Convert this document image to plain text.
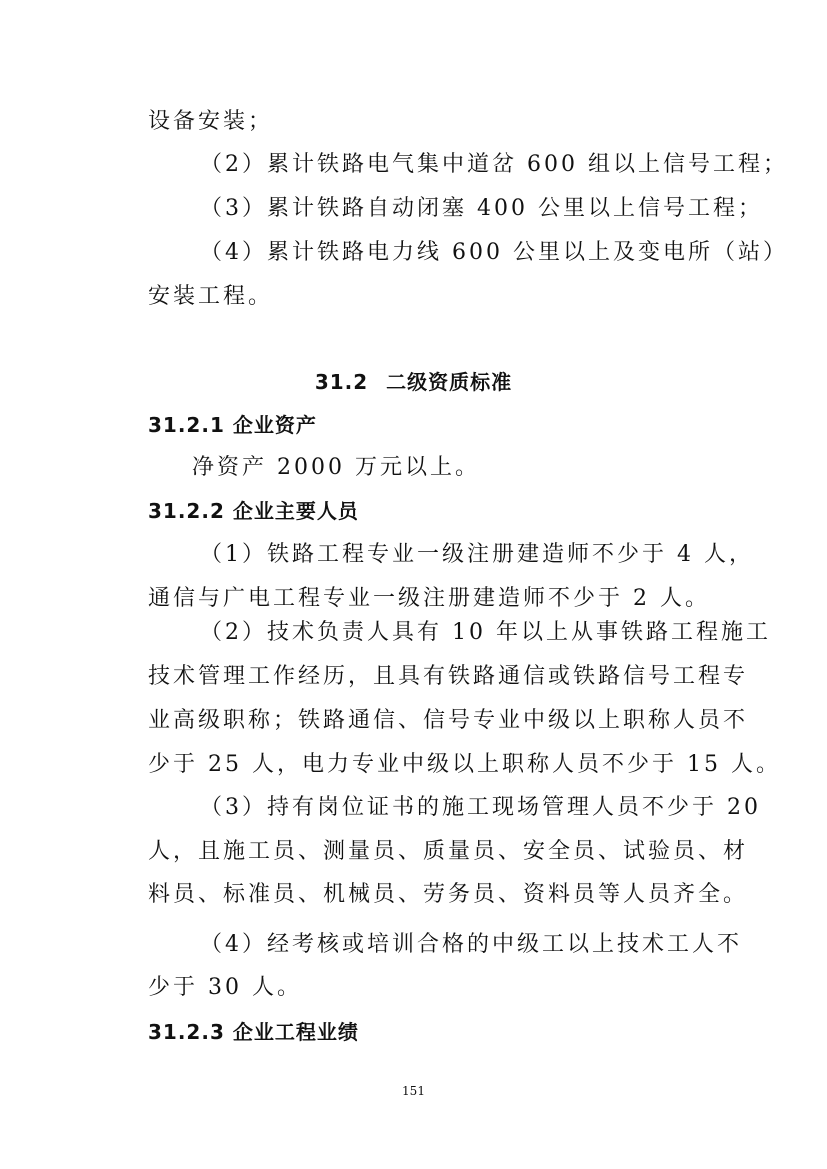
设备安装；
（2）累计铁路电气集中道岔 600 组以上信号工程；
（3）累计铁路自动闭塞 400 公里以上信号工程；
（4）累计铁路电力线 600 公里以上及变电所（站）
安装工程。
31.2 二级资质标准
31.2.1 企业资产
净资产 2000 万元以上。
31.2.2 企业主要人员
（1）铁路工程专业一级注册建造师不少于 4 人，
通信与广电工程专业一级注册建造师不少于 2 人。
（2）技术负责人具有 10 年以上从事铁路工程施工
技术管理工作经历，且具有铁路通信或铁路信号工程专
业高级职称；铁路通信、信号专业中级以上职称人员不
少于 25 人，电力专业中级以上职称人员不少于 15 人。
（3）持有岗位证书的施工现场管理人员不少于 20
人，且施工员、测量员、质量员、安全员、试验员、材
料员、标准员、机械员、劳务员、资料员等人员齐全。
（4）经考核或培训合格的中级工以上技术工人不
少于 30 人。
31.2.3 企业工程业绩
151
